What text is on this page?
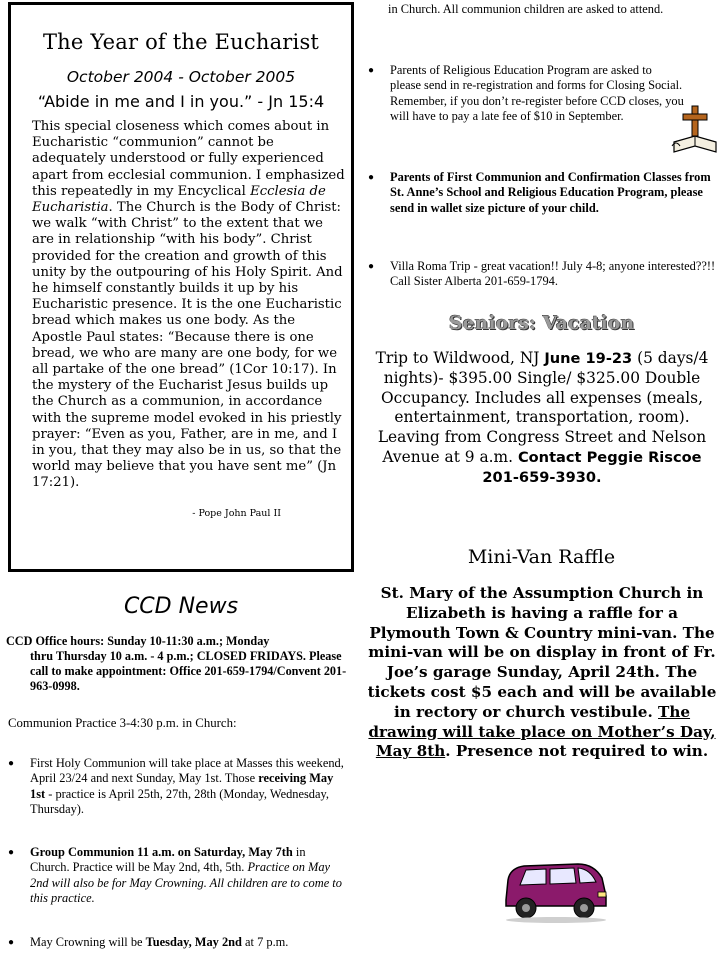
The Year of the Eucharist
October 2004 - October 2005
“Abide in me and I in you.” - Jn 15:4
This special closeness which comes about in Eucharistic “communion” cannot be adequately understood or fully experienced apart from ecclesial communion. I emphasized this repeatedly in my Encyclical Ecclesia de Eucharistia. The Church is the Body of Christ: we walk “with Christ” to the extent that we are in relationship “with his body”. Christ provided for the creation and growth of this unity by the outpouring of his Holy Spirit. And he himself constantly builds it up by his Eucharistic presence. It is the one Eucharistic bread which makes us one body. As the Apostle Paul states: “Because there is one bread, we who are many are one body, for we all partake of the one bread” (1Cor 10:17). In the mystery of the Eucharist Jesus builds up the Church as a communion, in accordance with the supreme model evoked in his priestly prayer: “Even as you, Father, are in me, and I in you, that they may also be in us, so that the world may believe that you have sent me” (Jn 17:21).
- Pope John Paul II
CCD News
CCD Office hours: Sunday 10-11:30 a.m.; Monday
thru Thursday 10 a.m. - 4 p.m.; CLOSED FRIDAYS. Please call to make appointment: Office 201-659-1794/Convent 201-963-0998.
Communion Practice 3-4:30 p.m. in Church:
●	First Holy Communion will take place at Masses this weekend, April 23/24 and next Sunday, May 1st. Those receiving May 1st - practice is April 25th, 27th, 28th (Monday, Wednesday, Thursday).
●	Group Communion 11 a.m. on Saturday, May 7th in Church. Practice will be May 2nd, 4th, 5th. Practice on May 2nd will also be for May Crowning. All children are to come to this practice.
●	May Crowning will be Tuesday, May 2nd at 7 p.m.
in Church. All communion children are asked to attend.
●	Parents of Religious Education Program are asked to please send in re-registration and forms for Closing Social. Remember, if you don’t re-register before CCD closes, you will have to pay a late fee of $10 in September.
●	Parents of First Communion and Confirmation Classes from St. Anne’s School and Religious Education Program, please send in wallet size picture of your child.
●	Villa Roma Trip - great vacation!! July 4-8; anyone interested??!! Call Sister Alberta 201-659-1794.
Seniors: Vacation
Trip to Wildwood, NJ June 19-23 (5 days/4 nights)- $395.00 Single/ $325.00 Double Occupancy. Includes all expenses (meals, entertainment, transportation, room). Leaving from Congress Street and Nelson Avenue at 9 a.m. Contact Peggie Riscoe 201-659-3930.
Mini-Van Raffle
St. Mary of the Assumption Church in Elizabeth is having a raffle for a Plymouth Town & Country mini-van. The mini-van will be on display in front of Fr. Joe’s garage Sunday, April 24th. The tickets cost $5 each and will be available in rectory or church vestibule. The drawing will take place on Mother’s Day, May 8th. Presence not required to win.
